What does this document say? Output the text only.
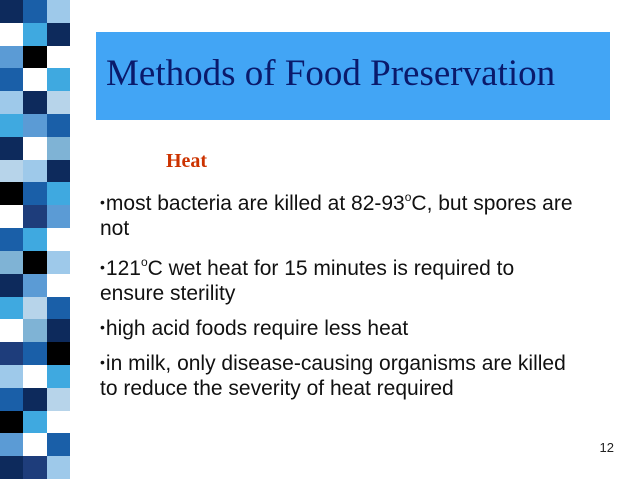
Methods of Food Preservation
Heat
•most bacteria are killed at 82-93$^o$C, but spores are not
•121$^o$C wet heat for 15 minutes is required to ensure sterility
•high acid foods require less heat
•in milk, only disease-causing organisms are killed to reduce the severity of heat required
12
